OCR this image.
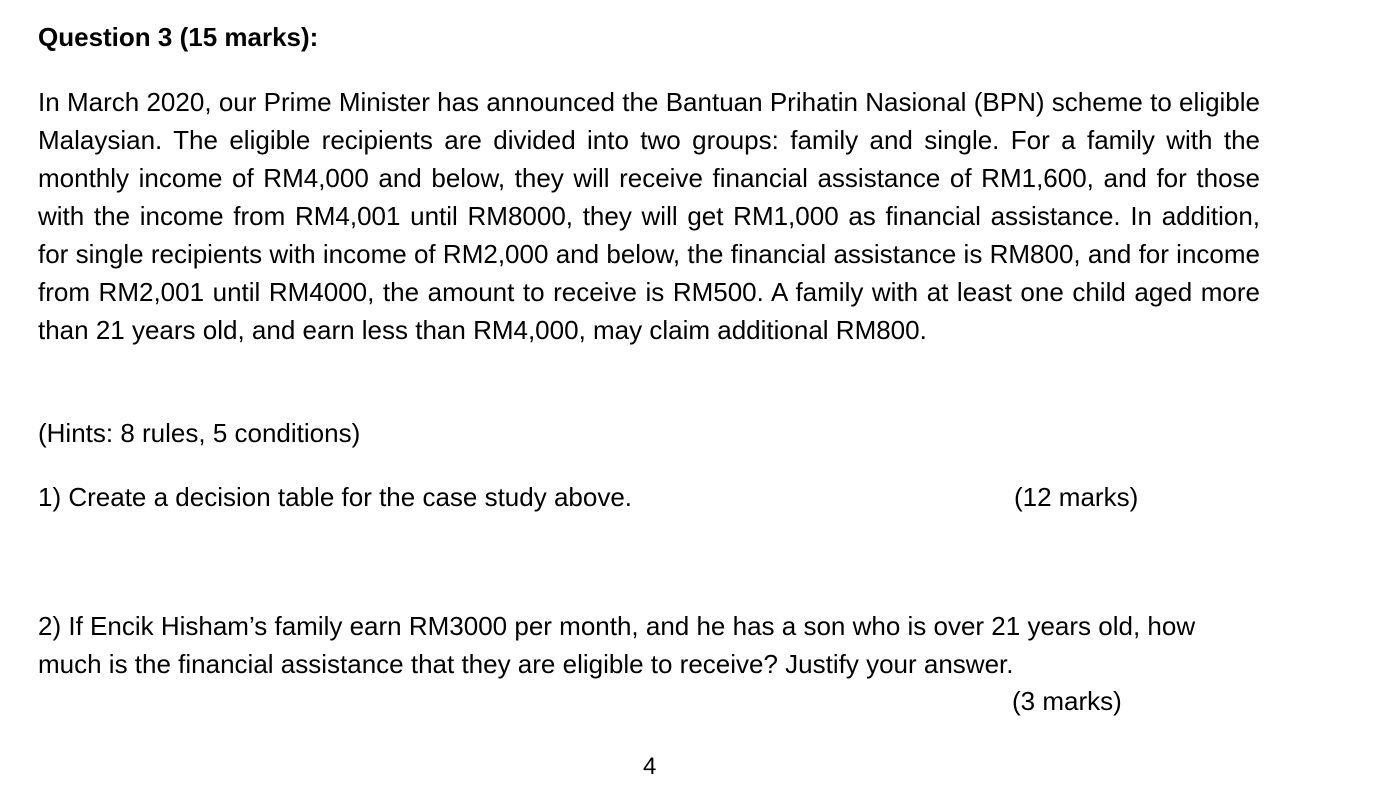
Question 3 (15 marks):

In March 2020, our Prime Minister has announced the Bantuan Prihatin Nasional (BPN) scheme to eligible Malaysian. The eligible recipients are divided into two groups: family and single. For a family with the monthly income of RM4,000 and below, they will receive financial assistance of RM1,600, and for those with the income from RM4,001 until RM8000, they will get RM1,000 as financial assistance. In addition, for single recipients with income of RM2,000 and below, the financial assistance is RM800, and for income from RM2,001 until RM4000, the amount to receive is RM500. A family with at least one child aged more than 21 years old, and earn less than RM4,000, may claim additional RM800.

(Hints: 8 rules, 5 conditions)

1) Create a decision table for the case study above.	(12 marks)

2) If Encik Hisham’s family earn RM3000 per month, and he has a son who is over 21 years old, how much is the financial assistance that they are eligible to receive? Justify your answer.

(3 marks)

4
